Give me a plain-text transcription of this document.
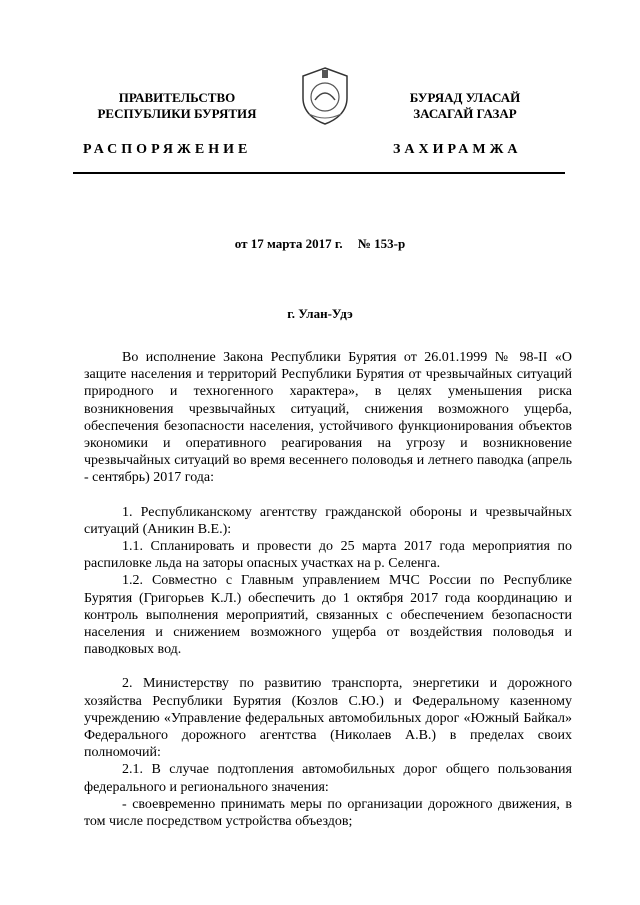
ПРАВИТЕЛЬСТВО
РЕСПУБЛИКИ БУРЯТИЯ
БУРЯАД УЛАСАЙ
ЗАСАГАЙ ГАЗАР
РАСПОРЯЖЕНИЕ	ЗАХИРАМЖА
от 17 марта 2017 г. № 153-р
г. Улан-Удэ

Во исполнение Закона Республики Бурятия от 26.01.1999 № 98-II «О защите населения и территорий Республики Бурятия от чрезвычайных ситуаций природного и техногенного характера», в целях уменьшения риска возникновения чрезвычайных ситуаций, снижения возможного ущерба, обеспечения безопасности населения, устойчивого функционирования объектов экономики и оперативного реагирования на угрозу и возникновение чрезвычайных ситуаций во время весеннего половодья и летнего паводка (апрель - сентябрь) 2017 года:

1. Республиканскому агентству гражданской обороны и чрезвычайных ситуаций (Аникин В.Е.):

1.1. Спланировать и провести до 25 марта 2017 года мероприятия по распиловке льда на заторы опасных участках на р. Селенга.

1.2. Совместно с Главным управлением МЧС России по Республике Бурятия (Григорьев К.Л.) обеспечить до 1 октября 2017 года координацию и контроль выполнения мероприятий, связанных с обеспечением безопасности населения и снижением возможного ущерба от воздействия половодья и паводковых вод.

2. Министерству по развитию транспорта, энергетики и дорожного хозяйства Республики Бурятия (Козлов С.Ю.) и Федеральному казенному учреждению «Управление федеральных автомобильных дорог «Южный Байкал» Федерального дорожного агентства (Николаев А.В.) в пределах своих полномочий:

2.1. В случае подтопления автомобильных дорог общего пользования федерального и регионального значения:

- своевременно принимать меры по организации дорожного движения, в том числе посредством устройства объездов;
